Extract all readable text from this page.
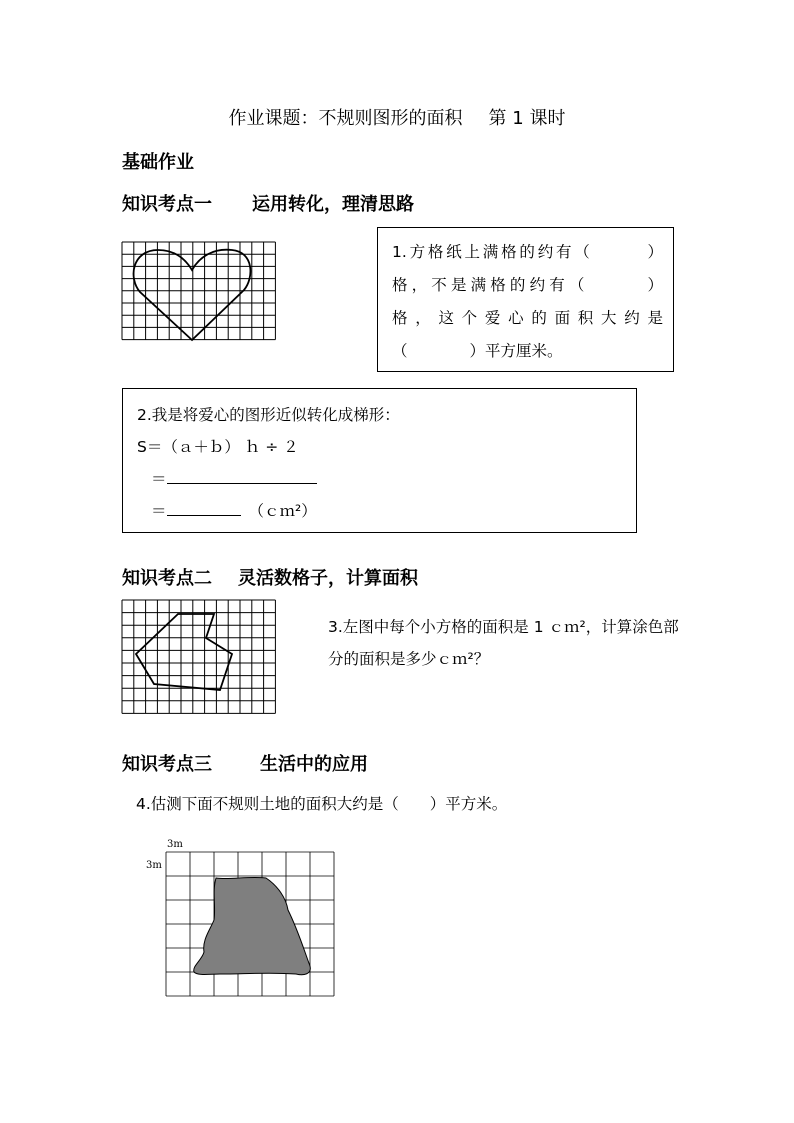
作业课题：不规则图形的面积 第 1 课时
基础作业
知识考点一 运用转化，理清思路
1.方格纸上满格的约有（　　　）
格，不是满格的约有（　　　）
格，这个爱心的面积大约是
（　　　　）平方厘米。
2.我是将爱心的图形近似转化成梯形：
S＝（ａ＋ｂ） ｈ ÷ ２
＝
＝	（ｃｍ²）
知识考点二 灵活数格子，计算面积
3.左图中每个小方格的面积是 1 ｃｍ²，计算涂色部分的面积是多少ｃｍ²？
知识考点三	生活中的应用
4.估测下面不规则土地的面积大约是（　　）平方米。
3m
3m
